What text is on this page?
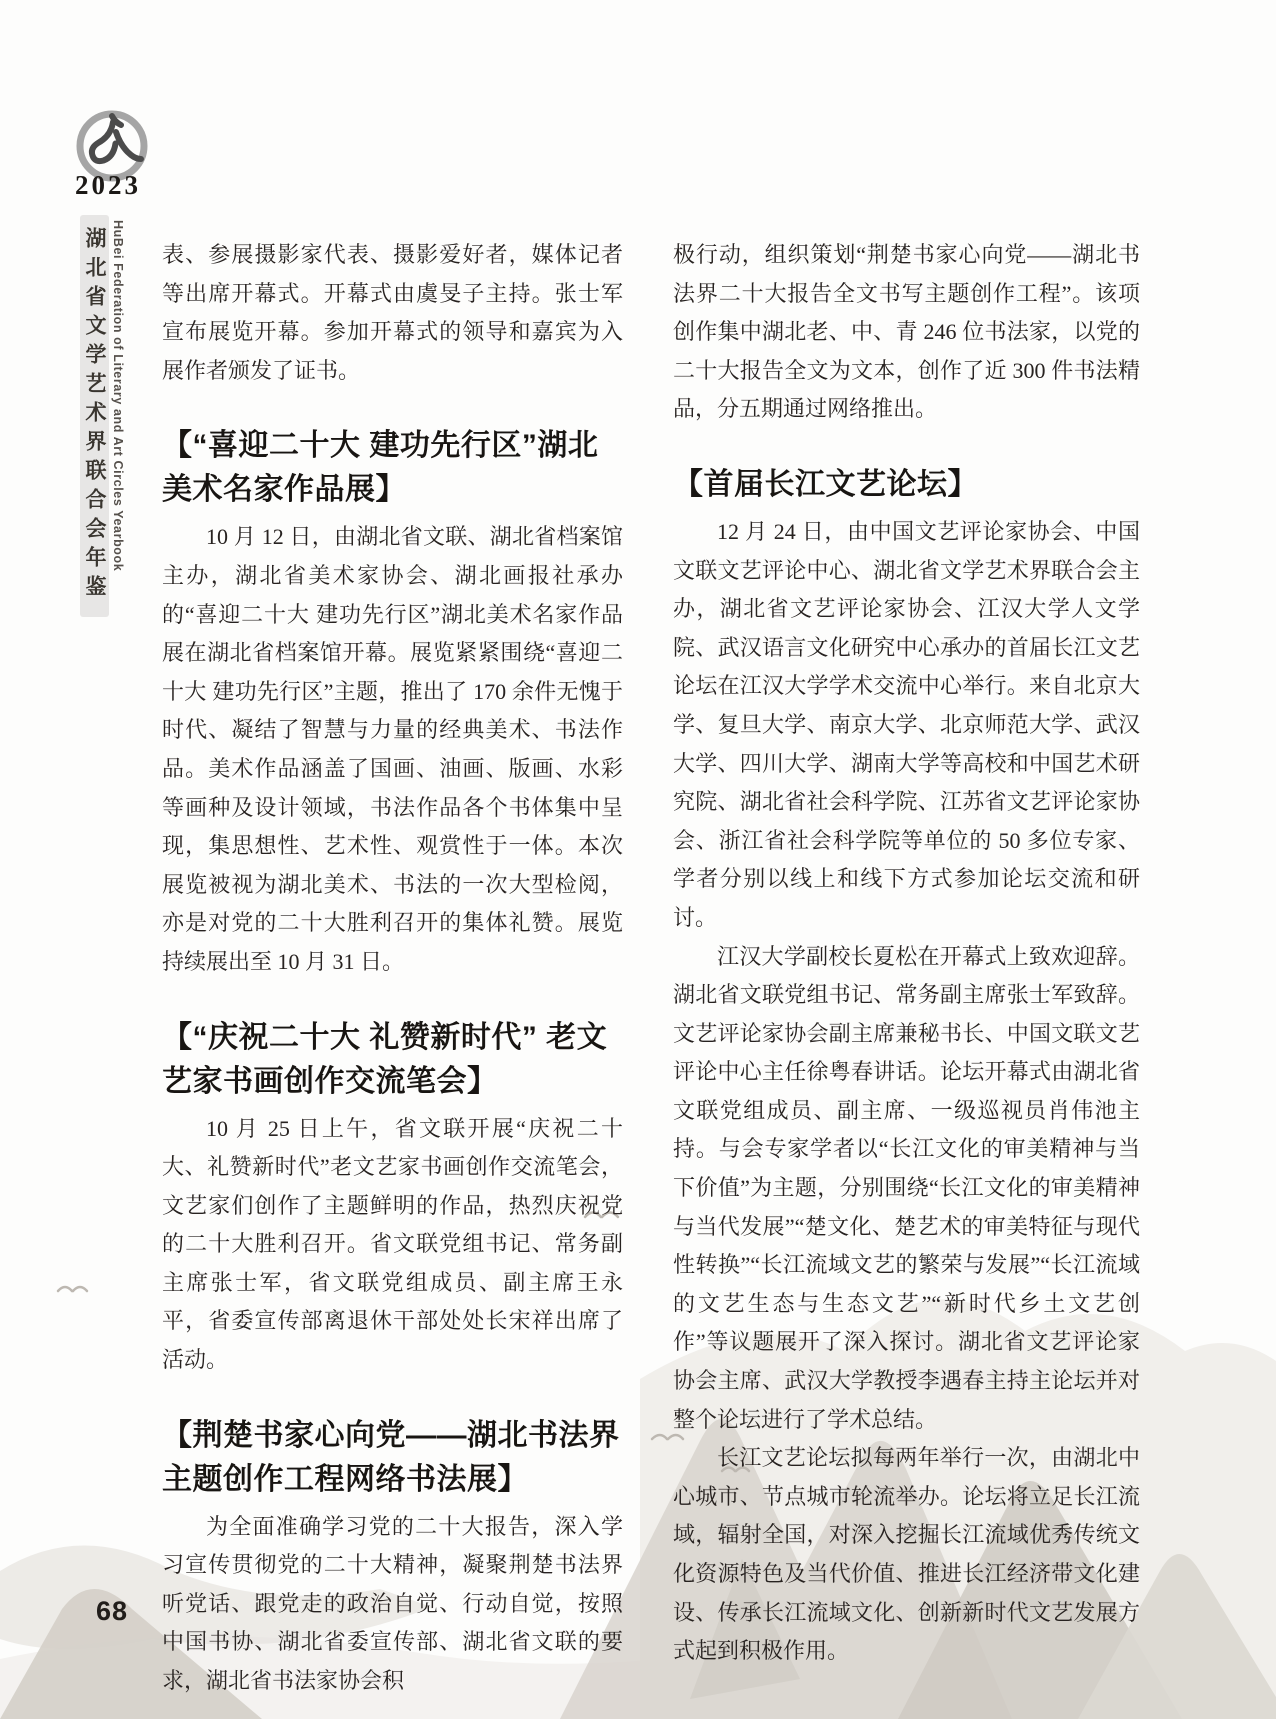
2023
湖北省文学艺术界联合会年鉴 HuBei Federation of Literary and Art Circles Yearbook 表、参展摄影家代表、摄影爱好者，媒体记者等出席开幕式。开幕式由虞旻子主持。张士军宣布展览开幕。参加开幕式的领导和嘉宾为入展作者颁发了证书。

【“喜迎二十大 建功先行区”湖北美术名家作品展】

10 月 12 日，由湖北省文联、湖北省档案馆主办，湖北省美术家协会、湖北画报社承办的“喜迎二十大 建功先行区”湖北美术名家作品展在湖北省档案馆开幕。展览紧紧围绕“喜迎二十大 建功先行区”主题，推出了 170 余件无愧于时代、凝结了智慧与力量的经典美术、书法作品。美术作品涵盖了国画、油画、版画、水彩等画种及设计领域，书法作品各个书体集中呈现，集思想性、艺术性、观赏性于一体。本次展览被视为湖北美术、书法的一次大型检阅，亦是对党的二十大胜利召开的集体礼赞。展览持续展出至 10 月 31 日。

【“庆祝二十大 礼赞新时代” 老文艺家书画创作交流笔会】

10 月 25 日上午，省文联开展“庆祝二十大、礼赞新时代”老文艺家书画创作交流笔会，文艺家们创作了主题鲜明的作品，热烈庆祝党的二十大胜利召开。省文联党组书记、常务副主席张士军，省文联党组成员、副主席王永平，省委宣传部离退休干部处处长宋祥出席了活动。

【荆楚书家心向党——湖北书法界主题创作工程网络书法展】

为全面准确学习党的二十大报告，深入学习宣传贯彻党的二十大精神，凝聚荆楚书法界听党话、跟党走的政治自觉、行动自觉，按照中国书协、湖北省委宣传部、湖北省文联的要求，湖北省书法家协会积

极行动，组织策划“荆楚书家心向党——湖北书法界二十大报告全文书写主题创作工程”。该项创作集中湖北老、中、青 246 位书法家，以党的二十大报告全文为文本，创作了近 300 件书法精品，分五期通过网络推出。

【首届长江文艺论坛】

12 月 24 日，由中国文艺评论家协会、中国文联文艺评论中心、湖北省文学艺术界联合会主办，湖北省文艺评论家协会、江汉大学人文学院、武汉语言文化研究中心承办的首届长江文艺论坛在江汉大学学术交流中心举行。来自北京大学、复旦大学、南京大学、北京师范大学、武汉大学、四川大学、湖南大学等高校和中国艺术研究院、湖北省社会科学院、江苏省文艺评论家协会、浙江省社会科学院等单位的 50 多位专家、学者分别以线上和线下方式参加论坛交流和研讨。

江汉大学副校长夏松在开幕式上致欢迎辞。湖北省文联党组书记、常务副主席张士军致辞。文艺评论家协会副主席兼秘书长、中国文联文艺评论中心主任徐粤春讲话。论坛开幕式由湖北省文联党组成员、副主席、一级巡视员肖伟池主持。与会专家学者以“长江文化的审美精神与当下价值”为主题，分别围绕“长江文化的审美精神与当代发展”“楚文化、楚艺术的审美特征与现代性转换”“长江流域文艺的繁荣与发展”“长江流域的文艺生态与生态文艺”“新时代乡土文艺创作”等议题展开了深入探讨。湖北省文艺评论家协会主席、武汉大学教授李遇春主持主论坛并对整个论坛进行了学术总结。

长江文艺论坛拟每两年举行一次，由湖北中心城市、节点城市轮流举办。论坛将立足长江流域，辐射全国，对深入挖掘长江流域优秀传统文化资源特色及当代价值、推进长江经济带文化建设、传承长江流域文化、创新新时代文艺发展方式起到积极作用。

68
